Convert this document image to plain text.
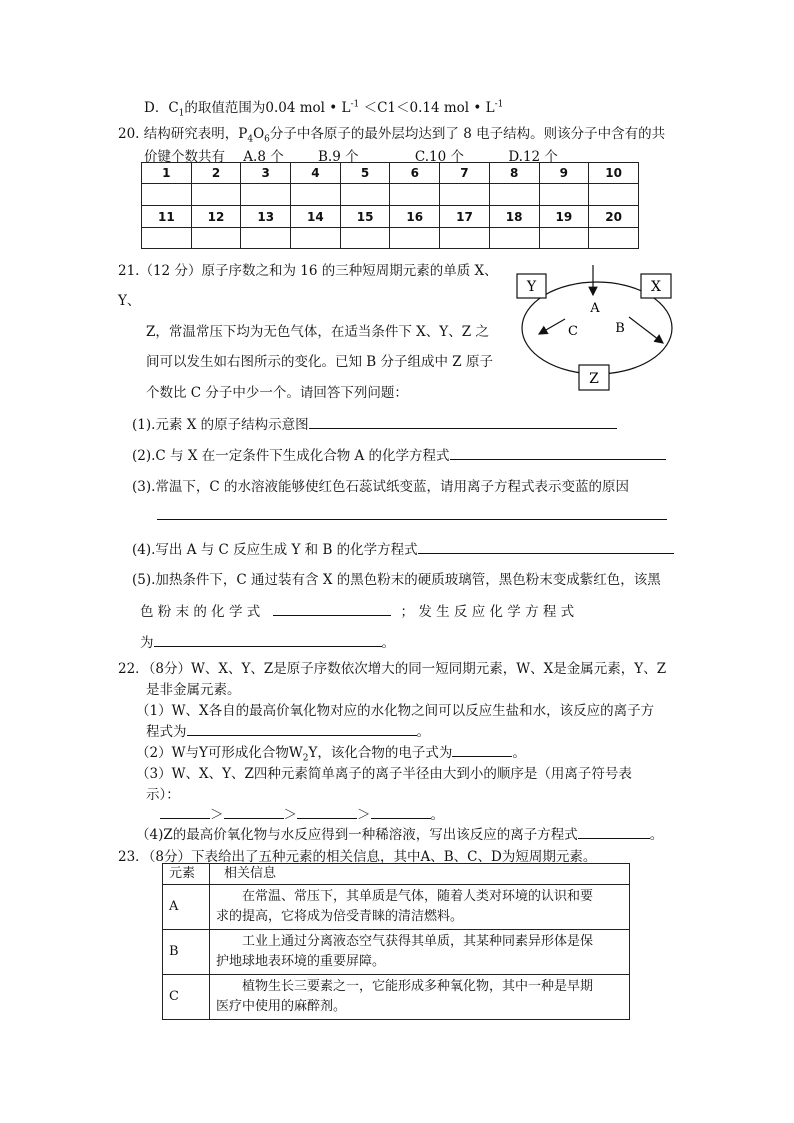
D．$C_1$的取值范围为0.04 mol • $L^{-1} <C1<0.14$ mol • $L^{-1}$
20. 结构研究表明，$P_4O_6$分子中各原子的最外层均达到了 8 电子结构。则该分子中含有的共
价键个数共有 A.8 个	B.9 个	C.10 个	D.12 个
1	2	3	4	5	6	7	8	9	10

11	12	13	14	15	16	17	18	19	20

21.（12 分）原子序数之和为 16 的三种短周期元素的单质 X、
Y、
Z，常温常压下均为无色气体，在适当条件下 X、Y、Z 之
间可以发生如右图所示的变化。已知 B 分子组成中 Z 原子
个数比 C 分子中少一个。请回答下列问题：
Y	X
Z
A
C	B
(1).元素 X 的原子结构示意图
(2).C 与 X 在一定条件下生成化合物 A 的化学方程式
(3).常温下，C 的水溶液能够使红色石蕊试纸变蓝，请用离子方程式表示变蓝的原因
(4).写出 A 与 C 反应生成 Y 和 B 的化学方程式
(5).加热条件下，C 通过装有含 X 的黑色粉末的硬质玻璃管，黑色粉末变成紫红色，该黑
色 粉 末 的 化 学 式	； 发 生 反 应 化 学 方 程 式
为	。
22．（8分）W、X、Y、Z是原子序数依次增大的同一短同期元素，W、X是金属元素，Y、Z
是非金属元素。
（1）W、X各自的最高价氧化物对应的水化物之间可以反应生盐和水，该反应的离子方
程式为	。
（2）W与Y可形成化合物$W_2Y$，该化合物的电子式为	。
（3）W、X、Y、Z四种元素简单离子的离子半径由大到小的顺序是（用离子符号表
示）：
＞	＞	＞	。
（4)Z的最高价氧化物与水反应得到一种稀溶液，写出该反应的离子方程式	。
23．（8分）下表给出了五种元素的相关信息，其中A、B、C、D为短周期元素。
元素	相关信息
A	在常温、常压下，其单质是气体，随着人类对环境的认识和要
求的提高，它将成为倍受青睐的清洁燃料。

B	工业上通过分离液态空气获得其单质，其某种同素异形体是保
护地球地表环境的重要屏障。

C	植物生长三要素之一，它能形成多种氧化物，其中一种是早期
医疗中使用的麻醉剂。
